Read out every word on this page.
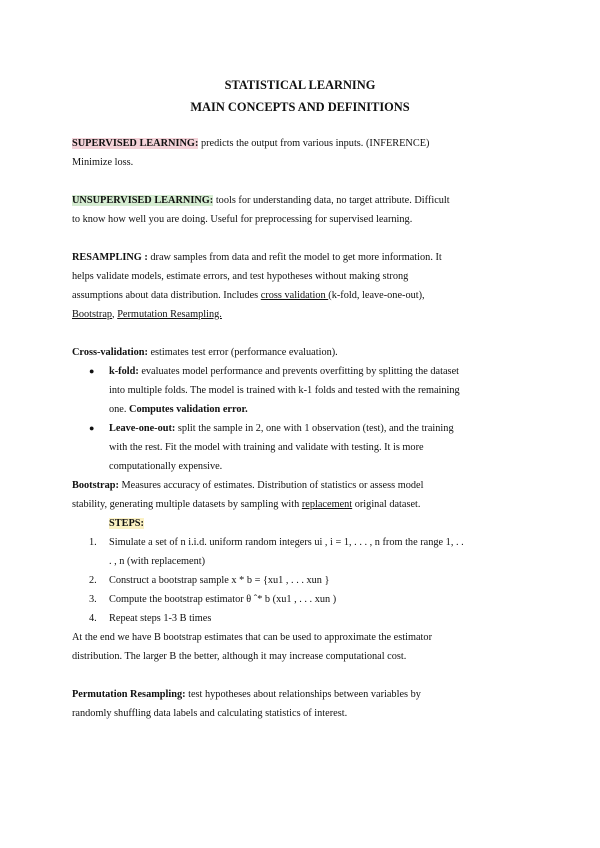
STATISTICAL LEARNING
MAIN CONCEPTS AND DEFINITIONS

SUPERVISED LEARNING: predicts the output from various inputs. (INFERENCE)

Minimize loss.

UNSUPERVISED LEARNING: tools for understanding data, no target attribute. Difficult

to know how well you are doing. Useful for preprocessing for supervised learning.

RESAMPLING : draw samples from data and refit the model to get more information. It

helps validate models, estimate errors, and test hypotheses without making strong

assumptions about data distribution. Includes cross validation (k-fold, leave-one-out),

Bootstrap, Permutation Resampling.

Cross-validation: estimates test error (performance evaluation).

● k-fold: evaluates model performance and prevents overfitting by splitting the dataset
into multiple folds. The model is trained with k-1 folds and tested with the remaining
one. Computes validation error.
● Leave-one-out: split the sample in 2, one with 1 observation (test), and the training
with the rest. Fit the model with training and validate with testing. It is more
computationally expensive.

Bootstrap: Measures accuracy of estimates. Distribution of statistics or assess model

stability, generating multiple datasets by sampling with replacement original dataset.

STEPS:
1. Simulate a set of n i.i.d. uniform random integers ui , i = 1, . . . , n from the range 1, . .
. , n (with replacement)
2. Construct a bootstrap sample x * b = {xu1 , . . . xun }
3. Compute the bootstrap estimator θ ˆ* b (xu1 , . . . xun )
4. Repeat steps 1-3 B times

At the end we have B bootstrap estimates that can be used to approximate the estimator

distribution. The larger B the better, although it may increase computational cost.

Permutation Resampling: test hypotheses about relationships between variables by

randomly shuffling data labels and calculating statistics of interest.
